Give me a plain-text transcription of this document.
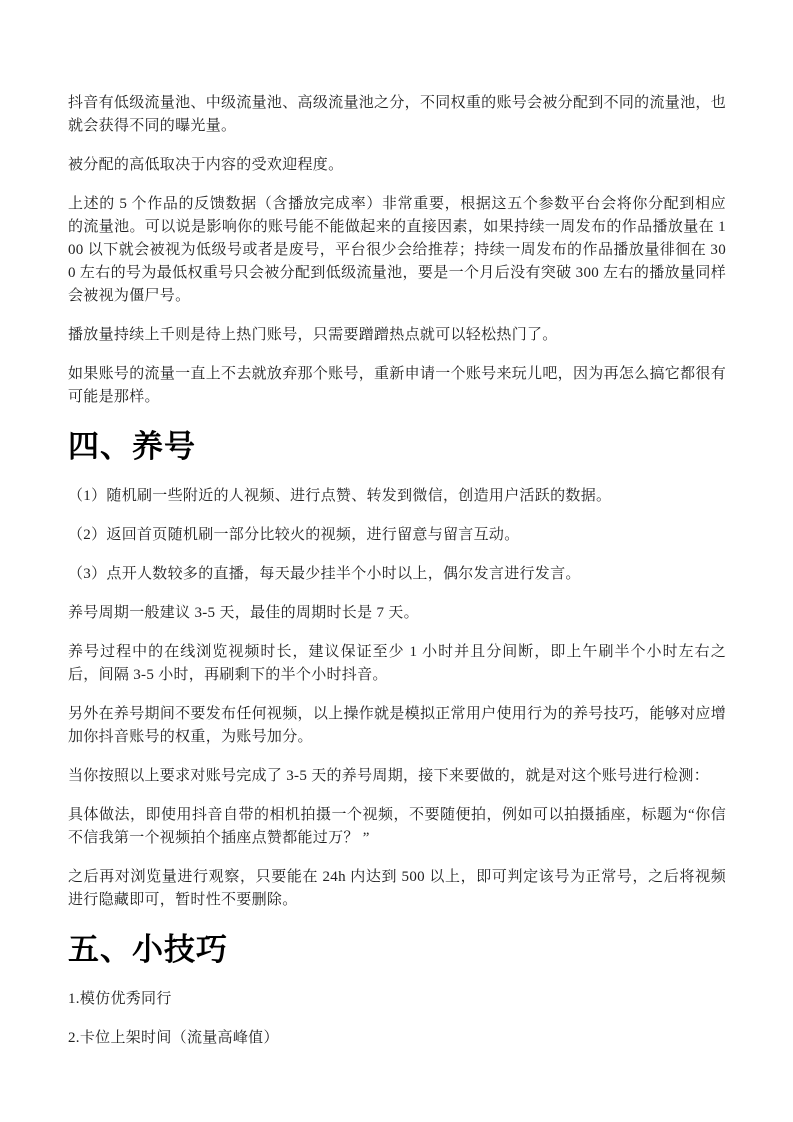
抖音有低级流量池、中级流量池、高级流量池之分，不同权重的账号会被分配到不同的流量池，也就会获得不同的曝光量。

被分配的高低取决于内容的受欢迎程度。

上述的 5 个作品的反馈数据（含播放完成率）非常重要，根据这五个参数平台会将你分配到相应的流量池。可以说是影响你的账号能不能做起来的直接因素，如果持续一周发布的作品播放量在 100 以下就会被视为低级号或者是废号，平台很少会给推荐；持续一周发布的作品播放量徘徊在 300 左右的号为最低权重号只会被分配到低级流量池，要是一个月后没有突破 300 左右的播放量同样会被视为僵尸号。

播放量持续上千则是待上热门账号，只需要蹭蹭热点就可以轻松热门了。

如果账号的流量一直上不去就放弃那个账号，重新申请一个账号来玩儿吧，因为再怎么搞它都很有可能是那样。

四、养号

（1）随机刷一些附近的人视频、进行点赞、转发到微信，创造用户活跃的数据。

（2）返回首页随机刷一部分比较火的视频，进行留意与留言互动。

（3）点开人数较多的直播，每天最少挂半个小时以上，偶尔发言进行发言。

养号周期一般建议 3-5 天，最佳的周期时长是 7 天。

养号过程中的在线浏览视频时长，建议保证至少 1 小时并且分间断，即上午刷半个小时左右之后，间隔 3-5 小时，再刷剩下的半个小时抖音。

另外在养号期间不要发布任何视频，以上操作就是模拟正常用户使用行为的养号技巧，能够对应增加你抖音账号的权重，为账号加分。

当你按照以上要求对账号完成了 3-5 天的养号周期，接下来要做的，就是对这个账号进行检测：

具体做法，即使用抖音自带的相机拍摄一个视频，不要随便拍，例如可以拍摄插座，标题为“你信不信我第一个视频拍个插座点赞都能过万？ ”

之后再对浏览量进行观察，只要能在 24h 内达到 500 以上，即可判定该号为正常号，之后将视频进行隐藏即可，暂时性不要删除。

五、小技巧

1.模仿优秀同行

2.卡位上架时间（流量高峰值）
